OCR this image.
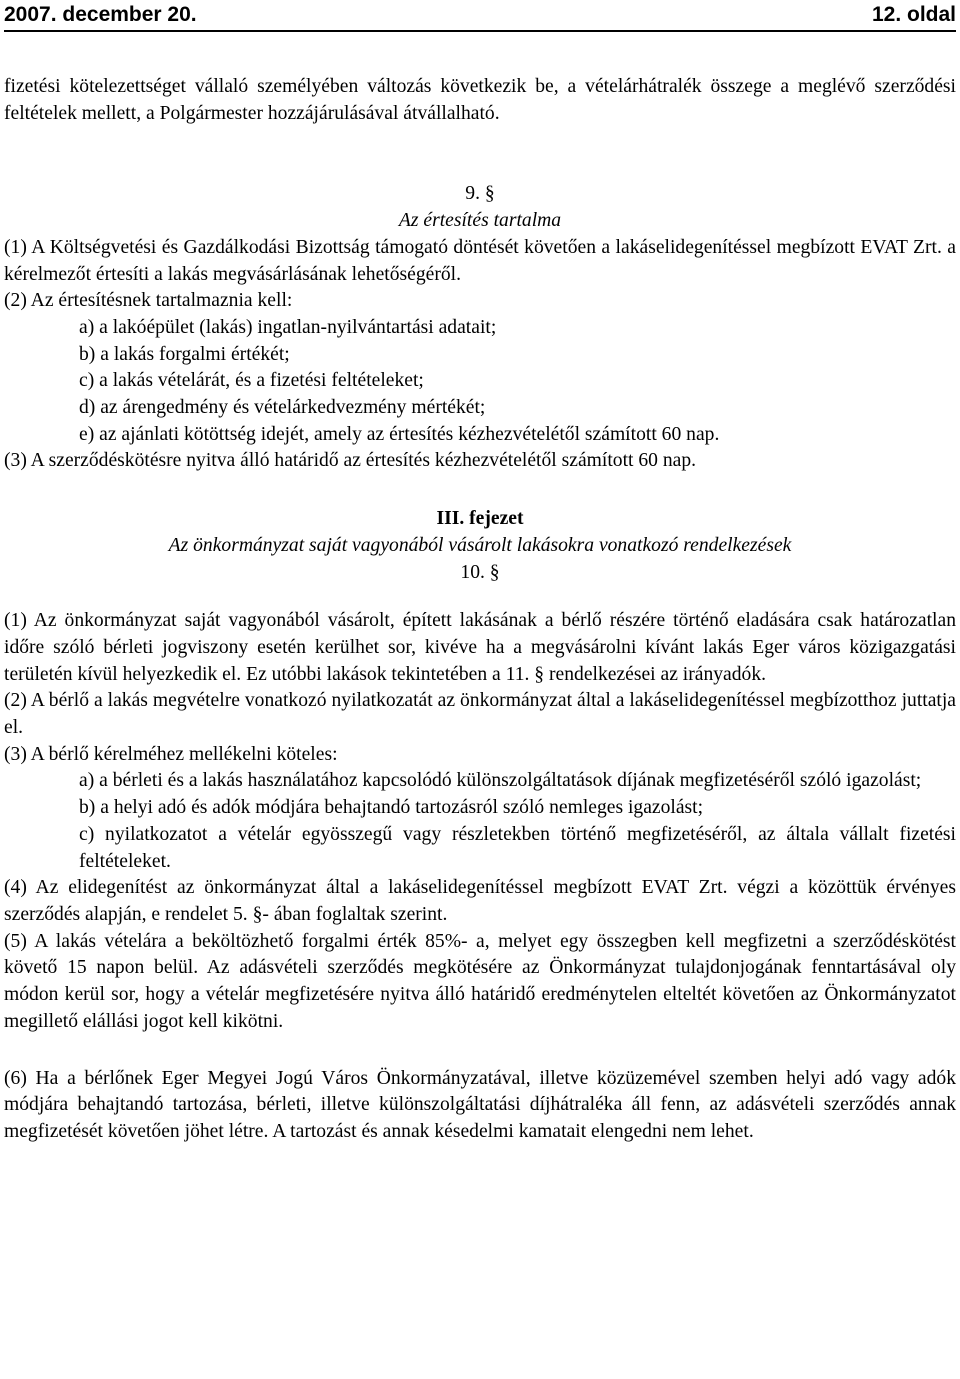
2007. december 20.	12. oldal

fizetési kötelezettséget vállaló személyében változás következik be, a vételárhátralék összege a meglévő szerződési feltételek mellett, a Polgármester hozzájárulásával átvállalható.

9. §

Az értesítés tartalma

(1) A Költségvetési és Gazdálkodási Bizottság támogató döntését követően a lakáselidegenítéssel megbízott EVAT Zrt. a kérelmezőt értesíti a lakás megvásárlásának lehetőségéről.

(2) Az értesítésnek tartalmaznia kell:

a) a lakóépület (lakás) ingatlan-nyilvántartási adatait;

b) a lakás forgalmi értékét;

c) a lakás vételárát, és a fizetési feltételeket;

d) az árengedmény és vételárkedvezmény mértékét;

e) az ajánlati kötöttség idejét, amely az értesítés kézhezvételétől számított 60 nap.

(3) A szerződéskötésre nyitva álló határidő az értesítés kézhezvételétől számított 60 nap.

III. fejezet

Az önkormányzat saját vagyonából vásárolt lakásokra vonatkozó rendelkezések

10. §

(1) Az önkormányzat saját vagyonából vásárolt, épített lakásának a bérlő részére történő eladására csak határozatlan időre szóló bérleti jogviszony esetén kerülhet sor, kivéve ha a megvásárolni kívánt lakás Eger város közigazgatási területén kívül helyezkedik el. Ez utóbbi lakások tekintetében a 11. § rendelkezései az irányadók.

(2) A bérlő a lakás megvételre vonatkozó nyilatkozatát az önkormányzat által a lakáselidegenítéssel megbízotthoz juttatja el.

(3) A bérlő kérelméhez mellékelni köteles:

a) a bérleti és a lakás használatához kapcsolódó különszolgáltatások díjának megfizetéséről szóló igazolást;

b) a helyi adó és adók módjára behajtandó tartozásról szóló nemleges igazolást;

c) nyilatkozatot a vételár egyösszegű vagy részletekben történő megfizetéséről, az általa vállalt fizetési feltételeket.

(4) Az elidegenítést az önkormányzat által a lakáselidegenítéssel megbízott EVAT Zrt. végzi a közöttük érvényes szerződés alapján, e rendelet 5. §- ában foglaltak szerint.

(5) A lakás vételára a beköltözhető forgalmi érték 85%- a, melyet egy összegben kell megfizetni a szerződéskötést követő 15 napon belül. Az adásvételi szerződés megkötésére az Önkormányzat tulajdonjogának fenntartásával oly módon kerül sor, hogy a vételár megfizetésére nyitva álló határidő eredménytelen elteltét követően az Önkormányzatot megillető elállási jogot kell kikötni.

(6) Ha a bérlőnek Eger Megyei Jogú Város Önkormányzatával, illetve közüzemével szemben helyi adó vagy adók módjára behajtandó tartozása, bérleti, illetve különszolgáltatási díjhátraléka áll fenn, az adásvételi szerződés annak megfizetését követően jöhet létre. A tartozást és annak késedelmi kamatait elengedni nem lehet.
